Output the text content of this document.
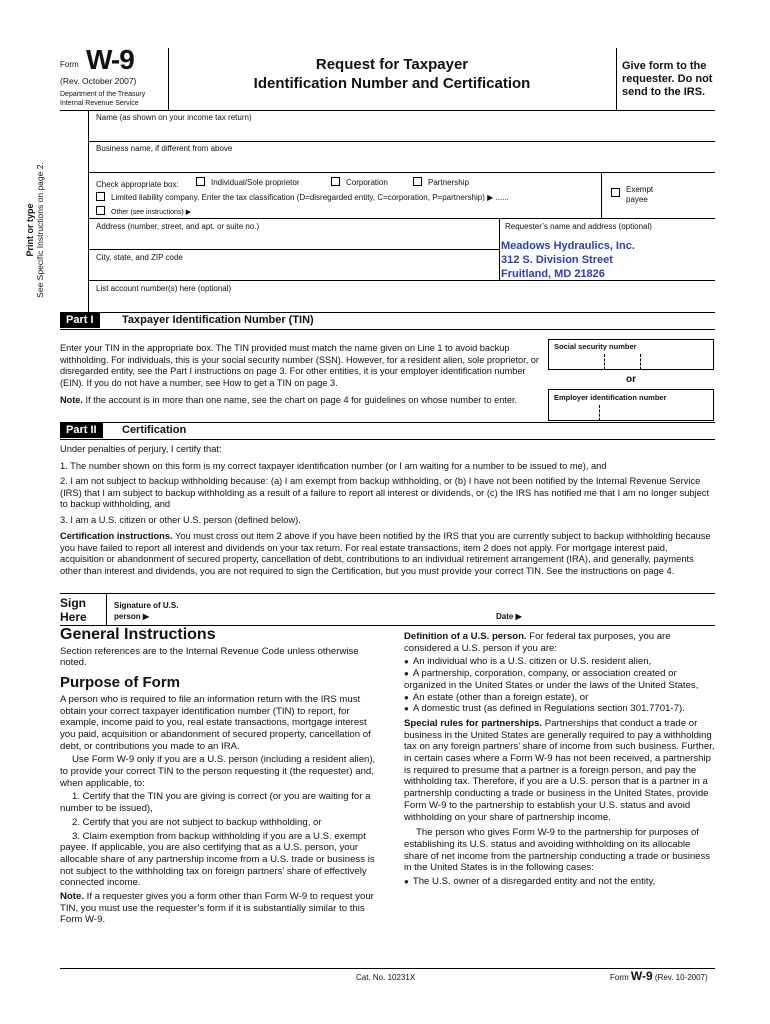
Form W-9
(Rev. October 2007)
Department of the Treasury
Internal Revenue Service
Request for Taxpayer
Identification Number and Certification
Give form to the requester. Do not send to the IRS.
Print or type See Specific Instructions on page 2.
Name (as shown on your income tax return)
Business name, if different from above
Check appropriate box:	Individual/Sole proprietor	Corporation	Partnership
Limited liability company. Enter the tax classification (D=disregarded entity, C=corporation, P=partnership) ▶ ......
Other (see instructions) ▶
Exempt payee
Address (number, street, and apt. or suite no.)	Requester’s name and address (optional)
Meadows Hydraulics, Inc.
312 S. Division Street
Fruitland, MD 21826
City, state, and ZIP code
List account number(s) here (optional)
Part I	Taxpayer Identification Number (TIN)
Enter your TIN in the appropriate box. The TIN provided must match the name given on Line 1 to avoid backup withholding. For individuals, this is your social security number (SSN). However, for a resident alien, sole proprietor, or disregarded entity, see the Part I instructions on page 3. For other entities, it is your employer identification number (EIN). If you do not have a number, see How to get a TIN on page 3.
Note. If the account is in more than one name, see the chart on page 4 for guidelines on whose number to enter.
Social security number
or
Employer identification number
Part II	Certification
Under penalties of perjury, I certify that:
1. The number shown on this form is my correct taxpayer identification number (or I am waiting for a number to be issued to me), and
2. I am not subject to backup withholding because: (a) I am exempt from backup withholding, or (b) I have not been notified by the Internal Revenue Service (IRS) that I am subject to backup withholding as a result of a failure to report all interest or dividends, or (c) the IRS has notified me that I am no longer subject to backup withholding, and
3. I am a U.S. citizen or other U.S. person (defined below).
Certification instructions. You must cross out item 2 above if you have been notified by the IRS that you are currently subject to backup withholding because you have failed to report all interest and dividends on your tax return. For real estate transactions, item 2 does not apply. For mortgage interest paid, acquisition or abandonment of secured property, cancellation of debt, contributions to an individual retirement arrangement (IRA), and generally, payments other than interest and dividends, you are not required to sign the Certification, but you must provide your correct TIN. See the instructions on page 4.
Sign Here
Signature of U.S. person ▶	Date ▶
General Instructions

Section references are to the Internal Revenue Code unless otherwise noted.

Purpose of Form

A person who is required to file an information return with the IRS must obtain your correct taxpayer identification number (TIN) to report, for example, income paid to you, real estate transactions, mortgage interest you paid, acquisition or abandonment of secured property, cancellation of debt, or contributions you made to an IRA.

Use Form W-9 only if you are a U.S. person (including a resident alien), to provide your correct TIN to the person requesting it (the requester) and, when applicable, to:

1. Certify that the TIN you are giving is correct (or you are waiting for a number to be issued),

2. Certify that you are not subject to backup withholding, or

3. Claim exemption from backup withholding if you are a U.S. exempt payee. If applicable, you are also certifying that as a U.S. person, your allocable share of any partnership income from a U.S. trade or business is not subject to the withholding tax on foreign partners’ share of effectively connected income.

Note. If a requester gives you a form other than Form W-9 to request your TIN, you must use the requester’s form if it is substantially similar to this Form W-9.

Definition of a U.S. person. For federal tax purposes, you are considered a U.S. person if you are:

● An individual who is a U.S. citizen or U.S. resident alien,
● A partnership, corporation, company, or association created or organized in the United States or under the laws of the United States,
● An estate (other than a foreign estate), or
● A domestic trust (as defined in Regulations section 301.7701-7).

Special rules for partnerships. Partnerships that conduct a trade or business in the United States are generally required to pay a withholding tax on any foreign partners’ share of income from such business. Further, in certain cases where a Form W-9 has not been received, a partnership is required to presume that a partner is a foreign person, and pay the withholding tax. Therefore, if you are a U.S. person that is a partner in a partnership conducting a trade or business in the United States, provide Form W-9 to the partnership to establish your U.S. status and avoid withholding on your share of partnership income.

The person who gives Form W-9 to the partnership for purposes of establishing its U.S. status and avoiding withholding on its allocable share of net income from the partnership conducting a trade or business in the United States is in the following cases:

● The U.S. owner of a disregarded entity and not the entity,
Cat. No. 10231X	Form W-9 (Rev. 10-2007)
